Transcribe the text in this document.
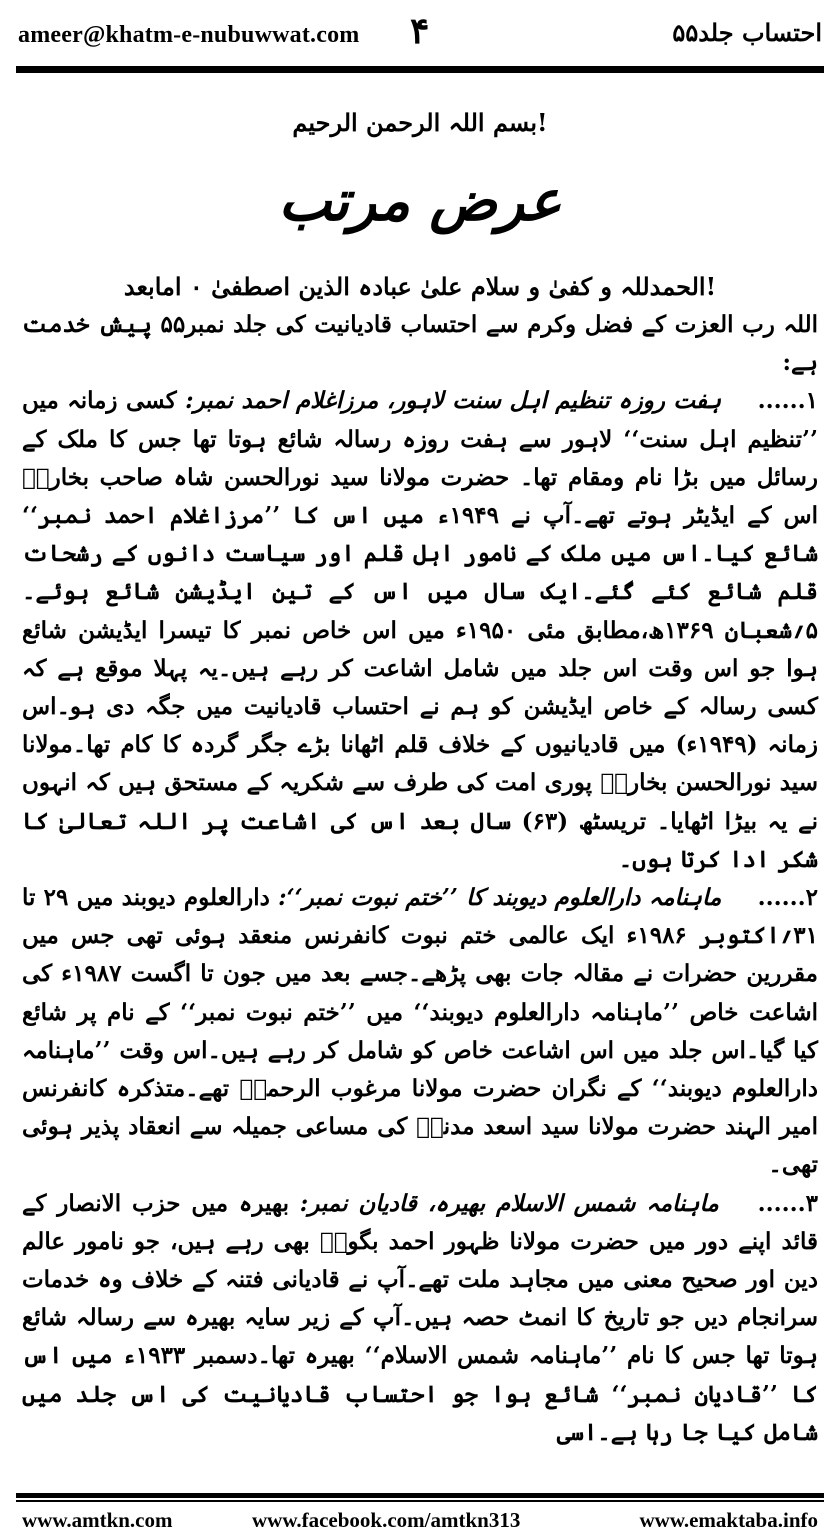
ameer@khatm-e-nubuwwat.com ۴	احتساب جلد۵۵
بسم اللہ الرحمن الرحیم!
عرض مرتب
الحمدللہ و کفیٰ و سلام علیٰ عبادہ الذین اصطفیٰ ۰ امابعد!

اللہ رب العزت کے فضل وکرم سے احتساب قادیانیت کی جلد نمبر۵۵ پیش خدمت ہے:

۱...... ہفت روزہ تنظیم اہل سنت لاہور، مرزاغلام احمد نمبر: کسی زمانہ میں ’’تنظیم اہل سنت‘‘ لاہور سے ہفت روزہ رسالہ شائع ہوتا تھا جس کا ملک کے رسائل میں بڑا نام ومقام تھا۔ حضرت مولانا سید نورالحسن شاہ صاحب بخاریؒ اس کے ایڈیٹر ہوتے تھے۔آپ نے ۱۹۴۹ء میں اس کا ’’مرزاغلام احمد نمبر‘‘ شائع کیا۔اس میں ملک کے نامور اہل قلم اور سیاست دانوں کے رشحات قلم شائع کئے گئے۔ایک سال میں اس کے تین ایڈیشن شائع ہوئے۔۵؍شعبان ۱۳۶۹ھ،مطابق مئی ۱۹۵۰ء میں اس خاص نمبر کا تیسرا ایڈیشن شائع ہوا جو اس وقت اس جلد میں شامل اشاعت کر رہے ہیں۔یہ پہلا موقع ہے کہ کسی رسالہ کے خاص ایڈیشن کو ہم نے احتساب قادیانیت میں جگہ دی ہو۔اس زمانہ (۱۹۴۹ء) میں قادیانیوں کے خلاف قلم اٹھانا بڑے جگر گردہ کا کام تھا۔مولانا سید نورالحسن بخاریؒ پوری امت کی طرف سے شکریہ کے مستحق ہیں کہ انہوں نے یہ بیڑا اٹھایا۔ تریسٹھ (۶۳) سال بعد اس کی اشاعت پر اللہ تعالیٰ کا شکر ادا کرتا ہوں۔

۲...... ماہنامہ دارالعلوم دیوبند کا ’’ختم نبوت نمبر‘‘: دارالعلوم دیوبند میں ۲۹ تا ۳۱؍اکتوبر ۱۹۸۶ء ایک عالمی ختم نبوت کانفرنس منعقد ہوئی تھی جس میں مقررین حضرات نے مقالہ جات بھی پڑھے۔جسے بعد میں جون تا اگست ۱۹۸۷ء کی اشاعت خاص ’’ماہنامہ دارالعلوم دیوبند‘‘ میں ’’ختم نبوت نمبر‘‘ کے نام پر شائع کیا گیا۔اس جلد میں اس اشاعت خاص کو شامل کر رہے ہیں۔اس وقت ’’ماہنامہ دارالعلوم دیوبند‘‘ کے نگران حضرت مولانا مرغوب الرحمنؒ تھے۔متذکرہ کانفرنس امیر الہند حضرت مولانا سید اسعد مدنیؒ کی مساعی جمیلہ سے انعقاد پذیر ہوئی تھی۔

۳...... ماہنامہ شمس الاسلام بھیرہ، قادیان نمبر: بھیرہ میں حزب الانصار کے قائد اپنے دور میں حضرت مولانا ظہور احمد بگویؒ بھی رہے ہیں، جو نامور عالم دین اور صحیح معنی میں مجاہد ملت تھے۔آپ نے قادیانی فتنہ کے خلاف وہ خدمات سرانجام دیں جو تاریخ کا انمٹ حصہ ہیں۔آپ کے زیر سایہ بھیرہ سے رسالہ شائع ہوتا تھا جس کا نام ’’ماہنامہ شمس الاسلام‘‘ بھیرہ تھا۔دسمبر ۱۹۳۳ء میں اس کا ’’قادیان نمبر‘‘ شائع ہوا جو احتساب قادیانیت کی اس جلد میں شامل کیا جا رہا ہے۔اسی

www.amtkn.com	www.facebook.com/amtkn313	www.emaktaba.info
